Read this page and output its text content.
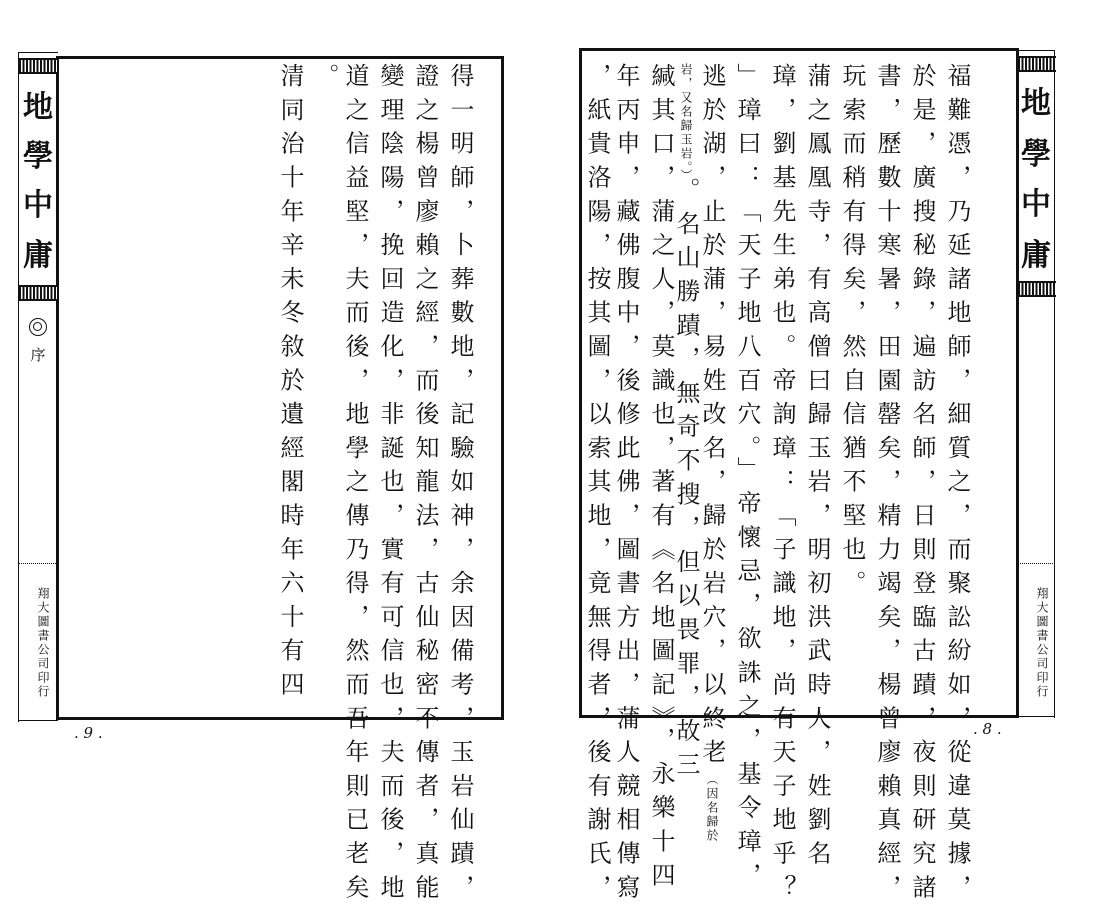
地
學
中
庸
序
翔大圖書公司印行	得一明師，卜葬數地，記驗如神，余因備考，玉岩仙蹟，
證之楊曾廖賴之經，而後知龍法，古仙秘密不傳者，真能
變理陰陽，挽回造化，非誕也，實有可信也，夫而後，地
道之信益堅，夫而後，地學之傳乃得，然而吾年則已老矣
。
清同治十年辛未冬敘於遺經閣時年六十有四
. 9 .
地
學
中
庸
翔大圖書公司印行
福難憑，乃延諸地師，細質之，而聚訟紛如，從違莫據，
於是，廣搜秘錄，遍訪名師，日則登臨古蹟，夜則研究諸
書，歷數十寒暑，田園罄矣，精力竭矣，楊曾廖賴真經，
玩索而稍有得矣，然自信猶不堅也。
蒲之鳳凰寺，有高僧曰歸玉岩，明初洪武時人，姓劉名
璋，劉基先生弟也。帝詢璋：「子識地，尚有天子地乎？
」璋曰：「天子地八百穴。」帝懷忌，欲誅之，基令璋，
逃於湖，止於蒲，易姓改名，歸於岩穴，以終老（因名歸於
岩，又名歸玉岩。）。名山勝蹟，無奇不搜，但以畏罪，故三
緘其口，蒲之人，莫識也，著有《名地圖記》，永樂十四
年丙申，藏佛腹中，後修此佛，圖書方出，蒲人競相傳寫
，紙貴洛陽，按其圖，以索其地，竟無得者，後有謝氏，	. 8 .
